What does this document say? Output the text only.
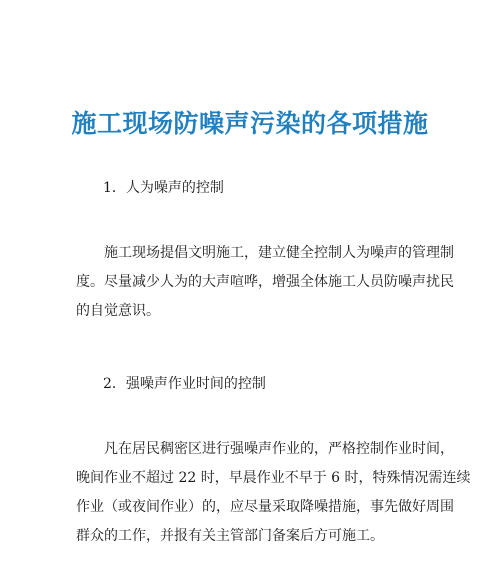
施工现场防噪声污染的各项措施

1．人为噪声的控制

施工现场提倡文明施工，建立健全控制人为噪声的管理制
度。尽量减少人为的大声喧哗，增强全体施工人员防噪声扰民
的自觉意识。

2．强噪声作业时间的控制

凡在居民稠密区进行强噪声作业的，严格控制作业时间，
晚间作业不超过 22 时，早晨作业不早于 6 时，特殊情况需连续
作业（或夜间作业）的，应尽量采取降噪措施，事先做好周围
群众的工作，并报有关主管部门备案后方可施工。
